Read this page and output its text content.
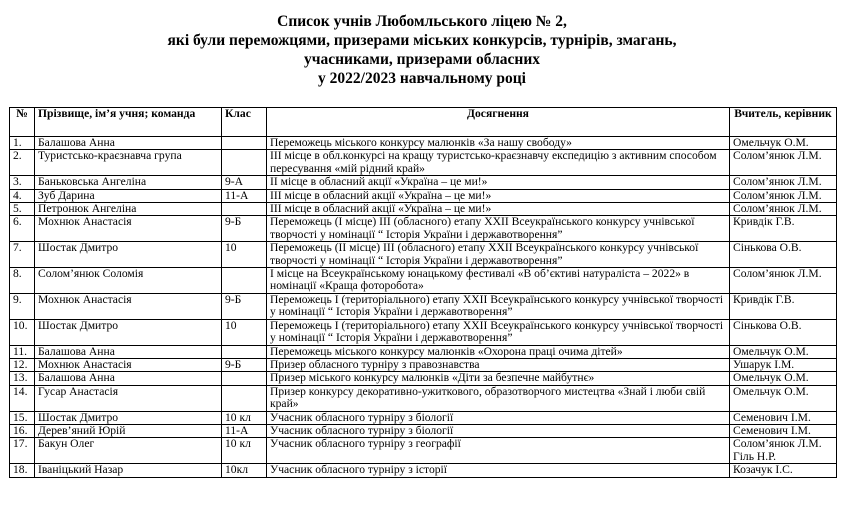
Список учнів Любомльського ліцею № 2,
які були переможцями, призерами міських конкурсів, турнірів, змагань,
учасниками, призерами обласних
у 2022/2023 навчальному році
№	Прізвище, ім’я учня; команда	Клас	Досягнення	Вчитель, керівник
1.	Балашова Анна		Переможець міського конкурсу малюнків «За нашу свободу»	Омельчук О.М.
2.	Туристсько-краєзнавча група		ІІІ місце в обл.конкурсі на кращу туристсько-краєзнавчу експедицію з активним способом пересування «мій рідний край»	Солом’янюк Л.М.
3.	Баньковська Ангеліна	9-А	ІІ місце в обласний акції «Україна – це ми!»	Солом’янюк Л.М.
4.	Зуб Дарина	11-А	ІІІ місце в обласний акції «Україна – це ми!»	Солом’янюк Л.М.
5.	Петронюк Ангеліна		ІІІ місце в обласний акції «Україна – це ми!»	Солом’янюк Л.М.
6.	Мохнюк Анастасія	9-Б	Переможець (І місце) ІІІ (обласного) етапу ХХІІ Всеукраїнського конкурсу учнівської творчості у номінації “ Історія України і державотворення”	Кривдік Г.В.
7.	Шостак Дмитро	10	Переможець (ІІ місце) ІІІ (обласного) етапу ХХІІ Всеукраїнського конкурсу учнівської творчості у номінації “ Історія України і державотворення”	Сінькова О.В.
8.	Солом’янюк Соломія		І місце на Всеукраїнському юнацькому фестивалі «В об’єктиві натураліста – 2022» в номінації «Краща фоторобота»	Солом’янюк Л.М.
9.	Мохнюк Анастасія	9-Б	Переможець І (територіального) етапу ХХІІ Всеукраїнського конкурсу учнівської творчості у номінації “ Історія України і державотворення”	Кривдік Г.В.
10.	Шостак Дмитро	10	Переможець І (територіального) етапу ХХІІ Всеукраїнського конкурсу учнівської творчості у номінації “ Історія України і державотворення”	Сінькова О.В.
11.	Балашова Анна		Переможець міського конкурсу малюнків «Охорона праці очима дітей»	Омельчук О.М.
12.	Мохнюк Анастасія	9-Б	Призер обласного турніру з правознавства	Ушарук І.М.
13.	Балашова Анна		Призер міського конкурсу малюнків «Діти за безпечне майбутнє»	Омельчук О.М.
14.	Гусар Анастасія		Призер конкурсу декоративно-ужиткового, образотворчого мистецтва «Знай і люби свій край»	Омельчук О.М.
15.	Шостак Дмитро	10 кл	Учасник обласного турніру з біології	Семенович І.М.
16.	Дерев’яний Юрій	11-А	Учасник обласного турніру з біології	Семенович І.М.
17.	Бакун Олег	10 кл	Учасник обласного турніру з географії	Солом’янюк Л.М. Гіль Н.Р.
18.	Іваніцький Назар	10кл	Учасник обласного турніру з історії	Козачук І.С.
